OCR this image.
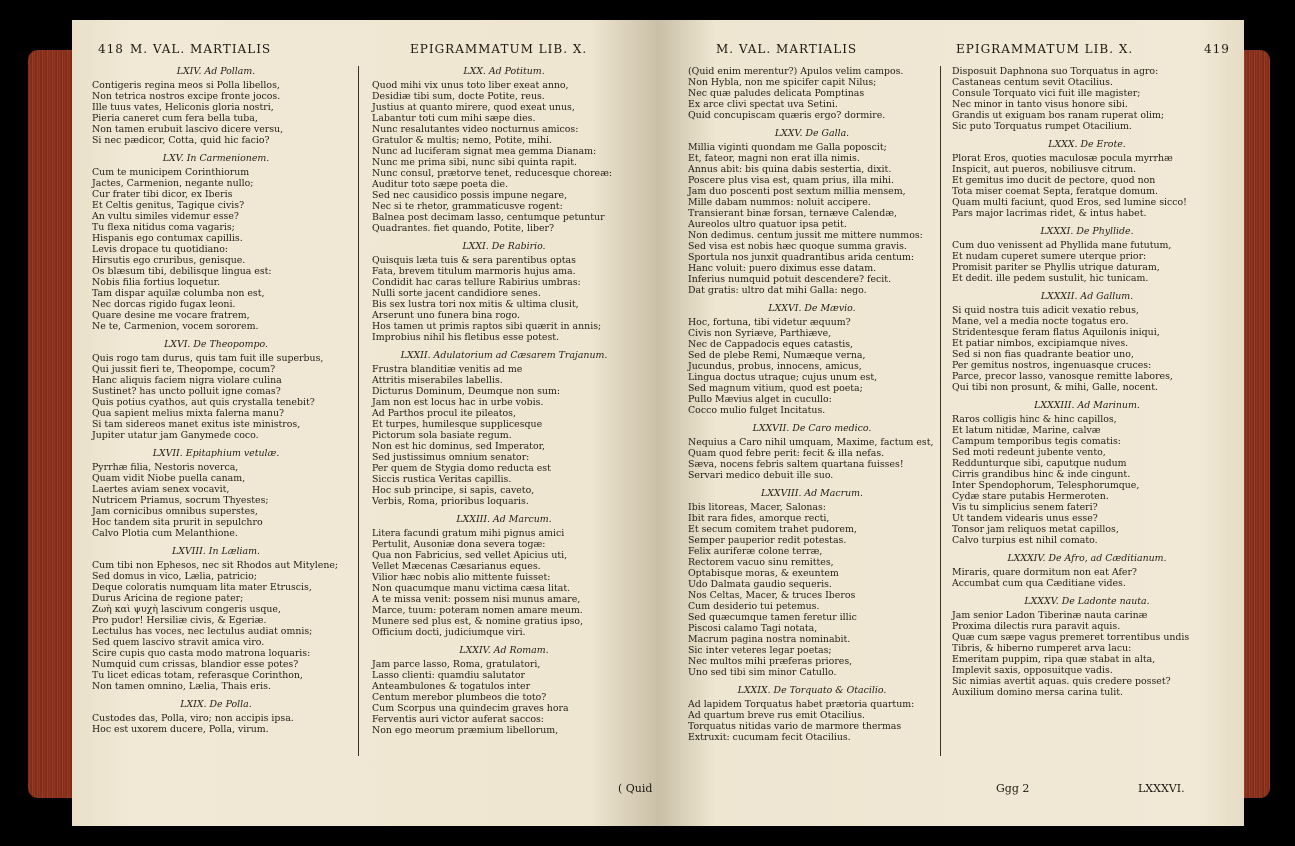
418 M. VAL. MARTIALIS	EPIGRAMMATUM LIB. X.
LXIV. Ad Pollam.
Contigeris regina meos si Polla libellos,
Non tetrica nostros excipe fronte jocos.
Ille tuus vates, Heliconis gloria nostri,
Pieria caneret cum fera bella tuba,
Non tamen erubuit lascivo dicere versu,
Si nec pædicor, Cotta, quid hic facio?
LXV. In Carmenionem.
Cum te municipem Corinthiorum
Jactes, Carmenion, negante nullo;
Cur frater tibi dicor, ex Iberis
Et Celtis genitus, Tagique civis?
An vultu similes videmur esse?
Tu flexa nitidus coma vagaris;
Hispanis ego contumax capillis.
Levis dropace tu quotidiano:
Hirsutis ego cruribus, genisque.
Os blæsum tibi, debilisque lingua est:
Nobis filia fortius loquetur.
Tam dispar aquilæ columba non est,
Nec dorcas rigido fugax leoni.
Quare desine me vocare fratrem,
Ne te, Carmenion, vocem sororem.
LXVI. De Theopompo.
Quis rogo tam durus, quis tam fuit ille superbus,
Qui jussit fieri te, Theopompe, cocum?
Hanc aliquis faciem nigra violare culina
Sustinet? has uncto polluit igne comas?
Quis potius cyathos, aut quis crystalla tenebit?
Qua sapient melius mixta falerna manu?
Si tam sidereos manet exitus iste ministros,
Jupiter utatur jam Ganymede coco.
LXVII. Epitaphium vetulæ.
Pyrrhæ filia, Nestoris noverca,
Quam vidit Niobe puella canam,
Laertes aviam senex vocavit,
Nutricem Priamus, socrum Thyestes;
Jam cornicibus omnibus superstes,
Hoc tandem sita prurit in sepulchro
Calvo Plotia cum Melanthione.
LXVIII. In Læliam.
Cum tibi non Ephesos, nec sit Rhodos aut Mitylene;
Sed domus in vico, Lælia, patricio;
Deque coloratis numquam lita mater Etruscis,
Durus Aricina de regione pater;
Zωὴ καὶ ψυχὴ lascivum congeris usque,
Pro pudor! Hersiliæ civis, & Egeriæ.
Lectulus has voces, nec lectulus audiat omnis;
Sed quem lascivo stravit amica viro.
Scire cupis quo casta modo matrona loquaris:
Numquid cum crissas, blandior esse potes?
Tu licet edicas totam, referasque Corinthon,
Non tamen omnino, Lælia, Thais eris.
LXIX. De Polla.
Custodes das, Polla, viro; non accipis ipsa.
Hoc est uxorem ducere, Polla, virum.
LXX. Ad Potitum.
Quod mihi vix unus toto liber exeat anno,
Desidiæ tibi sum, docte Potite, reus.
Justius at quanto mirere, quod exeat unus,
Labantur toti cum mihi sæpe dies.
Nunc resalutantes video nocturnus amicos:
Gratulor & multis; nemo, Potite, mihi.
Nunc ad luciferam signat mea gemma Dianam:
Nunc me prima sibi, nunc sibi quinta rapit.
Nunc consul, prætorve tenet, reducesque choreæ:
Auditur toto sæpe poeta die.
Sed nec causidico possis impune negare,
Nec si te rhetor, grammaticusve rogent:
Balnea post decimam lasso, centumque petuntur
Quadrantes. fiet quando, Potite, liber?
LXXI. De Rabirio.
Quisquis læta tuis & sera parentibus optas
Fata, brevem titulum marmoris hujus ama.
Condidit hac caras tellure Rabirius umbras:
Nulli sorte jacent candidiore senes.
Bis sex lustra tori nox mitis & ultima clusit,
Arserunt uno funera bina rogo.
Hos tamen ut primis raptos sibi quærit in annis;
Improbius nihil his fletibus esse potest.
LXXII. Adulatorium ad Cæsarem Trajanum.
Frustra blanditiæ venitis ad me
Attritis miserabiles labellis.
Dicturus Dominum, Deumque non sum:
Jam non est locus hac in urbe vobis.
Ad Parthos procul ite pileatos,
Et turpes, humilesque supplicesque
Pictorum sola basiate regum.
Non est hic dominus, sed Imperator,
Sed justissimus omnium senator:
Per quem de Stygia domo reducta est
Siccis rustica Veritas capillis.
Hoc sub principe, si sapis, caveto,
Verbis, Roma, prioribus loquaris.
LXXIII. Ad Marcum.
Litera facundi gratum mihi pignus amici
Pertulit, Ausoniæ dona severa togæ:
Qua non Fabricius, sed vellet Apicius uti,
Vellet Mæcenas Cæsarianus eques.
Vilior hæc nobis alio mittente fuisset:
Non quacumque manu victima cæsa litat.
A te missa venit: possem nisi munus amare,
Marce, tuum: poteram nomen amare meum.
Munere sed plus est, & nomine gratius ipso,
Officium docti, judiciumque viri.
LXXIV. Ad Romam.
Jam parce lasso, Roma, gratulatori,
Lasso clienti: quamdiu salutator
Anteambulones & togatulos inter
Centum merebor plumbeos die toto?
Cum Scorpus una quindecim graves hora
Ferventis auri victor auferat saccos:
Non ego meorum præmium libellorum,
( Quid
M. VAL. MARTIALIS	EPIGRAMMATUM LIB. X.	419
(Quid enim merentur?) Apulos velim campos.
Non Hybla, non me spicifer capit Nilus;
Nec quæ paludes delicata Pomptinas
Ex arce clivi spectat uva Setini.
Quid concupiscam quæris ergo? dormire.
LXXV. De Galla.
Millia viginti quondam me Galla poposcit;
Et, fateor, magni non erat illa nimis.
Annus abit: bis quina dabis sestertia, dixit.
Poscere plus visa est, quam prius, illa mihi.
Jam duo poscenti post sextum millia mensem,
Mille dabam nummos: noluit accipere.
Transierant binæ forsan, ternæve Calendæ,
Aureolos ultro quatuor ipsa petit.
Non dedimus. centum jussit me mittere nummos:
Sed visa est nobis hæc quoque summa gravis.
Sportula nos junxit quadrantibus arida centum:
Hanc voluit: puero diximus esse datam.
Inferius numquid potuit descendere? fecit.
Dat gratis: ultro dat mihi Galla: nego.
LXXVI. De Mævio.
Hoc, fortuna, tibi videtur æquum?
Civis non Syriæve, Parthiæve,
Nec de Cappadocis eques catastis,
Sed de plebe Remi, Numæque verna,
Jucundus, probus, innocens, amicus,
Lingua doctus utraque; cujus unum est,
Sed magnum vitium, quod est poeta;
Pullo Mævius alget in cucullo:
Cocco mulio fulget Incitatus.
LXXVII. De Caro medico.
Nequius a Caro nihil umquam, Maxime, factum est,
Quam quod febre perit: fecit & illa nefas.
Sæva, nocens febris saltem quartana fuisses!
Servari medico debuit ille suo.
LXXVIII. Ad Macrum.
Ibis litoreas, Macer, Salonas:
Ibit rara fides, amorque recti,
Et secum comitem trahet pudorem,
Semper pauperior redit potestas.
Felix auriferæ colone terræ,
Rectorem vacuo sinu remittes,
Optabisque moras, & exeuntem
Udo Dalmata gaudio sequeris.
Nos Celtas, Macer, & truces Iberos
Cum desiderio tui petemus.
Sed quæcumque tamen feretur illic
Piscosi calamo Tagi notata,
Macrum pagina nostra nominabit.
Sic inter veteres legar poetas;
Nec multos mihi præferas priores,
Uno sed tibi sim minor Catullo.
LXXIX. De Torquato & Otacilio.
Ad lapidem Torquatus habet prætoria quartum:
Ad quartum breve rus emit Otacilius.
Torquatus nitidas vario de marmore thermas
Extruxit: cucumam fecit Otacilius.
Disposuit Daphnona suo Torquatus in agro:
Castaneas centum sevit Otacilius.
Consule Torquato vici fuit ille magister;
Nec minor in tanto visus honore sibi.
Grandis ut exiguam bos ranam ruperat olim;
Sic puto Torquatus rumpet Otacilium.
LXXX. De Erote.
Plorat Eros, quoties maculosæ pocula myrrhæ
Inspicit, aut pueros, nobiliusve citrum.
Et gemitus imo ducit de pectore, quod non
Tota miser coemat Septa, feratque domum.
Quam multi faciunt, quod Eros, sed lumine sicco!
Pars major lacrimas ridet, & intus habet.
LXXXI. De Phyllide.
Cum duo venissent ad Phyllida mane fututum,
Et nudam cuperet sumere uterque prior:
Promisit pariter se Phyllis utrique daturam,
Et dedit. ille pedem sustulit, hic tunicam.
LXXXII. Ad Gallum.
Si quid nostra tuis adicit vexatio rebus,
Mane, vel a media nocte togatus ero.
Stridentesque feram flatus Aquilonis iniqui,
Et patiar nimbos, excipiamque nives.
Sed si non fias quadrante beatior uno,
Per gemitus nostros, ingenuasque cruces:
Parce, precor lasso, vanosque remitte labores,
Qui tibi non prosunt, & mihi, Galle, nocent.
LXXXIII. Ad Marinum.
Raros colligis hinc & hinc capillos,
Et latum nitidæ, Marine, calvæ
Campum temporibus tegis comatis:
Sed moti redeunt jubente vento,
Reddunturque sibi, caputque nudum
Cirris grandibus hinc & inde cingunt.
Inter Spendophorum, Telesphorumque,
Cydæ stare putabis Hermeroten.
Vis tu simplicius senem fateri?
Ut tandem videaris unus esse?
Tonsor jam reliquos metat capillos,
Calvo turpius est nihil comato.
LXXXIV. De Afro, ad Cæditianum.
Miraris, quare dormitum non eat Afer?
Accumbat cum qua Cæditiane vides.
LXXXV. De Ladonte nauta.
Jam senior Ladon Tiberinæ nauta carinæ
Proxima dilectis rura paravit aquis.
Quæ cum sæpe vagus premeret torrentibus undis
Tibris, & hiberno rumperet arva lacu:
Emeritam puppim, ripa quæ stabat in alta,
Implevit saxis, opposuitque vadis.
Sic nimias avertit aquas. quis credere posset?
Auxilium domino mersa carina tulit.
Ggg 2	LXXXVI.
